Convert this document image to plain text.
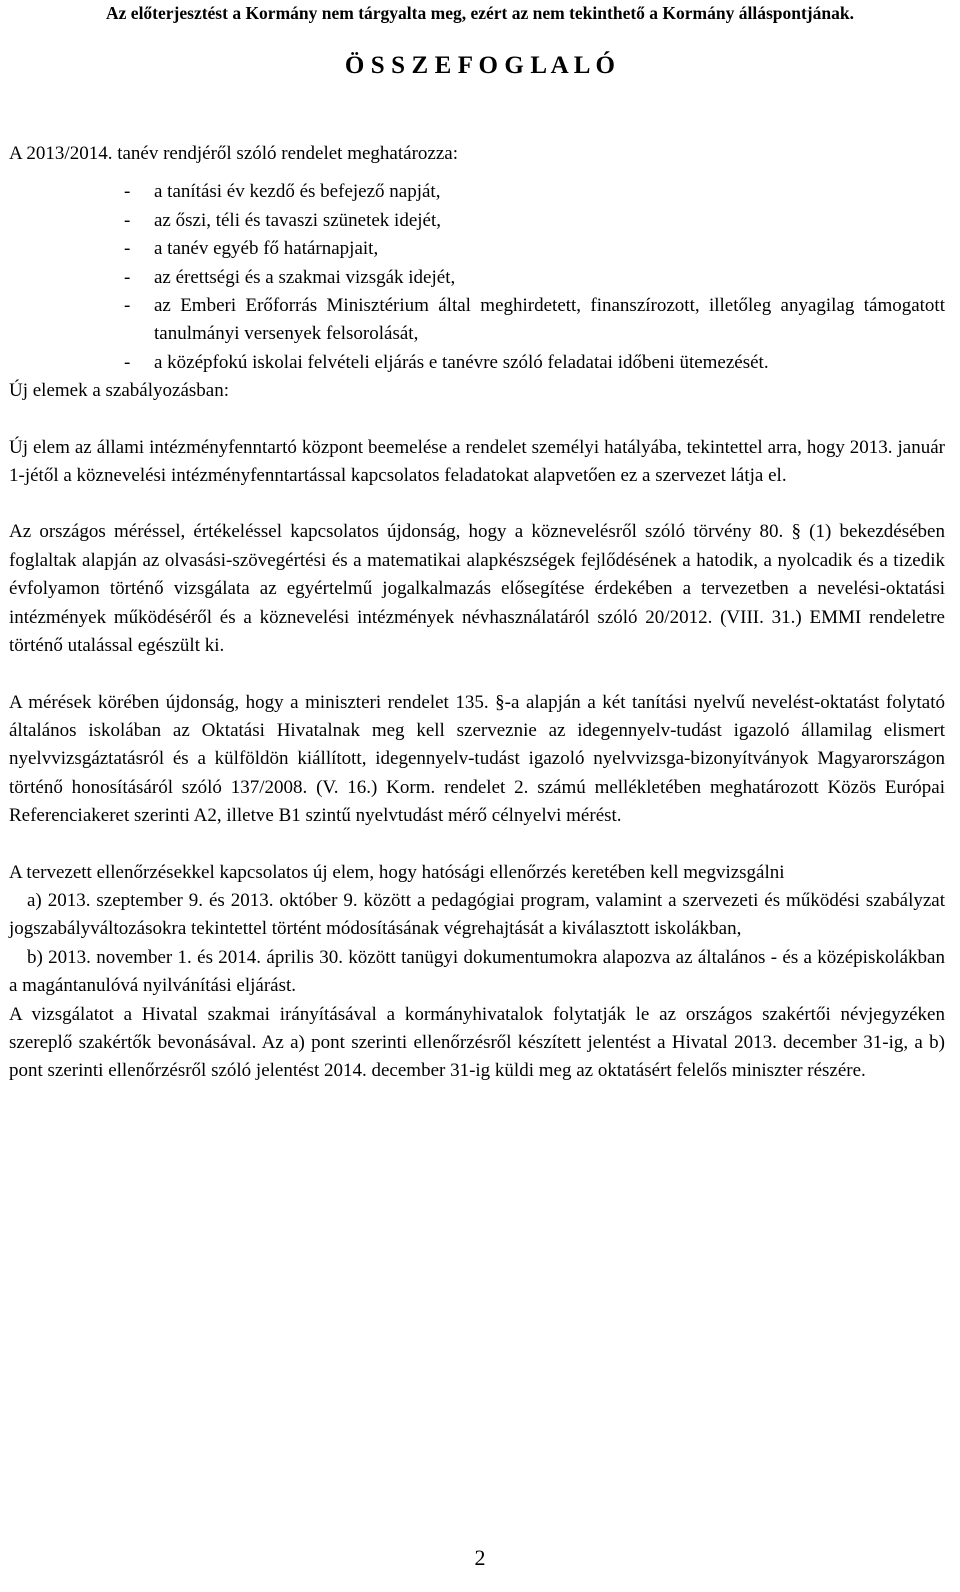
Az előterjesztést a Kormány nem tárgyalta meg, ezért az nem tekinthető a Kormány álláspontjának.
Ö S S Z E F O G L A L Ó

A 2013/2014. tanév rendjéről szóló rendelet meghatározza:

- a tanítási év kezdő és befejező napját,
- az őszi, téli és tavaszi szünetek idejét,
- a tanév egyéb fő határnapjait,
- az érettségi és a szakmai vizsgák idejét,
- az Emberi Erőforrás Minisztérium által meghirdetett, finanszírozott, illetőleg anyagilag támogatott tanulmányi versenyek felsorolását,
- a középfokú iskolai felvételi eljárás e tanévre szóló feladatai időbeni ütemezését.

Új elemek a szabályozásban:

Új elem az állami intézményfenntartó központ beemelése a rendelet személyi hatályába, tekintettel arra, hogy 2013. január 1-jétől a köznevelési intézményfenntartással kapcsolatos feladatokat alapvetően ez a szervezet látja el.

Az országos méréssel, értékeléssel kapcsolatos újdonság, hogy a köznevelésről szóló törvény 80. § (1) bekezdésében foglaltak alapján az olvasási-szövegértési és a matematikai alapkészségek fejlődésének a hatodik, a nyolcadik és a tizedik évfolyamon történő vizsgálata az egyértelmű jogalkalmazás elősegítése érdekében a tervezetben a nevelési-oktatási intézmények működéséről és a köznevelési intézmények névhasználatáról szóló 20/2012. (VIII. 31.) EMMI rendeletre történő utalással egészült ki.

A mérések körében újdonság, hogy a miniszteri rendelet 135. §-a alapján a két tanítási nyelvű nevelést-oktatást folytató általános iskolában az Oktatási Hivatalnak meg kell szerveznie az idegennyelv-tudást igazoló államilag elismert nyelvvizsgáztatásról és a külföldön kiállított, idegennyelv-tudást igazoló nyelvvizsga-bizonyítványok Magyarországon történő honosításáról szóló 137/2008. (V. 16.) Korm. rendelet 2. számú mellékletében meghatározott Közös Európai Referenciakeret szerinti A2, illetve B1 szintű nyelvtudást mérő célnyelvi mérést.

A tervezett ellenőrzésekkel kapcsolatos új elem, hogy hatósági ellenőrzés keretében kell megvizsgálni

a) 2013. szeptember 9. és 2013. október 9. között a pedagógiai program, valamint a szervezeti és működési szabályzat jogszabályváltozásokra tekintettel történt módosításának végrehajtását a kiválasztott iskolákban,

b) 2013. november 1. és 2014. április 30. között tanügyi dokumentumokra alapozva az általános - és a középiskolákban a magántanulóvá nyilvánítási eljárást.

A vizsgálatot a Hivatal szakmai irányításával a kormányhivatalok folytatják le az országos szakértői névjegyzéken szereplő szakértők bevonásával. Az a) pont szerinti ellenőrzésről készített jelentést a Hivatal 2013. december 31-ig, a b) pont szerinti ellenőrzésről szóló jelentést 2014. december 31-ig küldi meg az oktatásért felelős miniszter részére.

2
